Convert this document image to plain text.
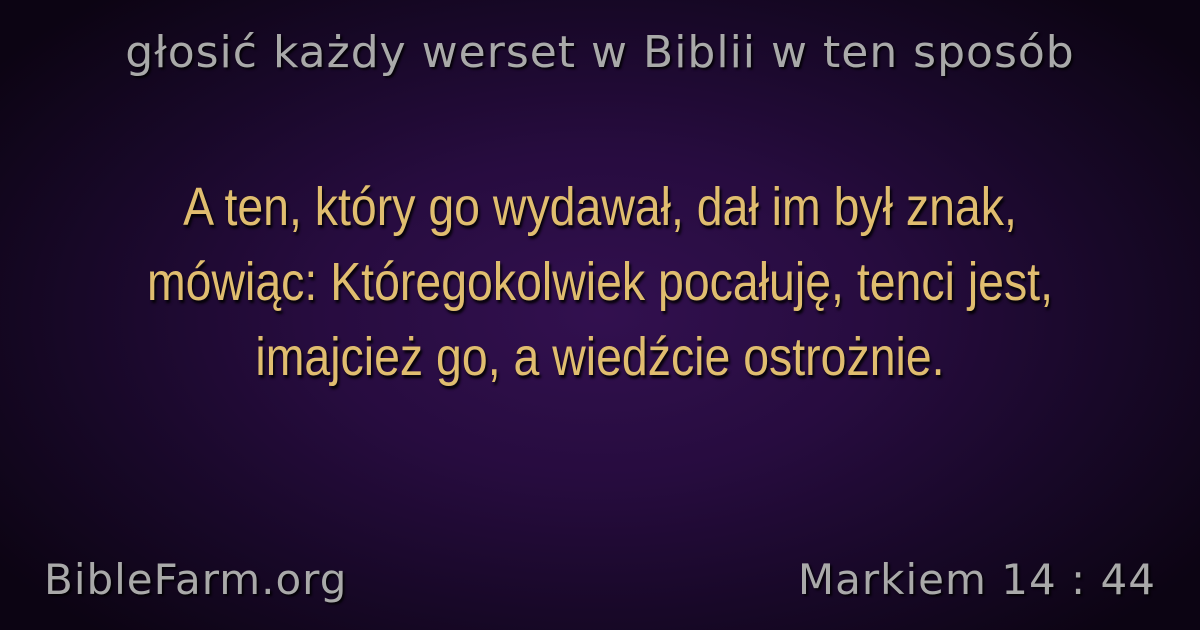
głosić każdy werset w Biblii w ten sposób
A ten, który go wydawał, dał im był znak, mówiąc: Któregokolwiek pocałuję, tenci jest, imajcież go, a wiedźcie ostrożnie.
BibleFarm.org	Markiem 14 : 44
